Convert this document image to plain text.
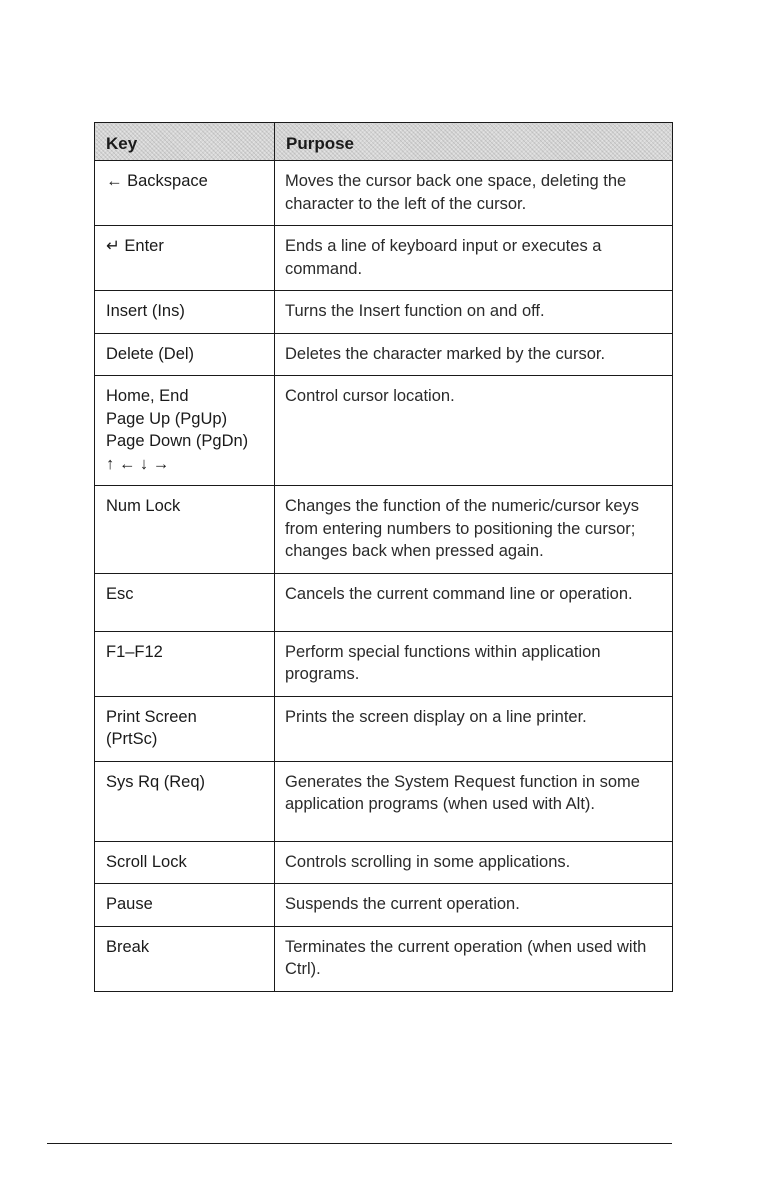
Key	Purpose

← Backspace	Moves the cursor back one space, deleting the character to the left of the cursor.

↵ Enter	Ends a line of keyboard input or executes a command.

Insert (Ins)	Turns the Insert function on and off.

Delete (Del)	Deletes the character marked by the cursor.

Home, End
Page Up (PgUp)
Page Down (PgDn)
↑ ← ↓ →	Control cursor location.

Num Lock	Changes the function of the numeric/cursor keys from entering numbers to positioning the cursor; changes back when pressed again.

Esc	Cancels the current command line or operation.

F1–F12	Perform special functions within application programs.

Print Screen
(PrtSc)	Prints the screen display on a line printer.

Sys Rq (Req)	Generates the System Request function in some application programs (when used with Alt).

Scroll Lock	Controls scrolling in some applications.

Pause	Suspends the current operation.

Break	Terminates the current operation (when used with Ctrl).
